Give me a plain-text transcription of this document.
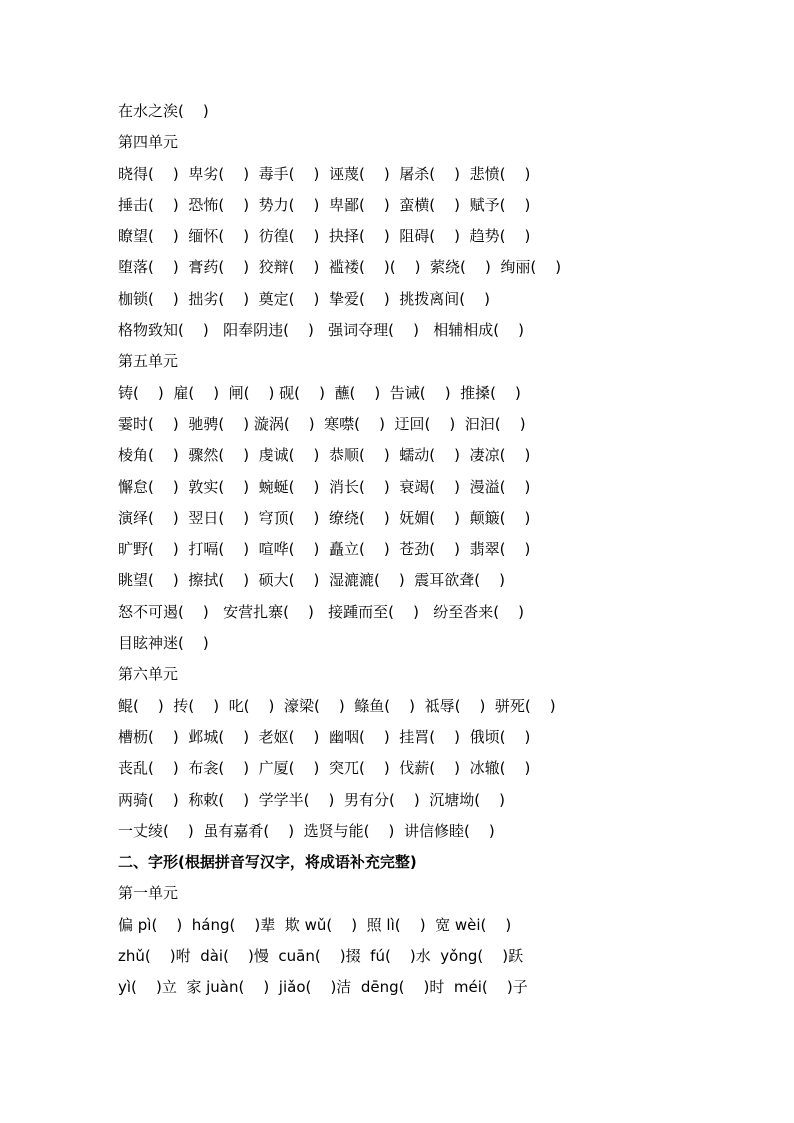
在水之涘(    )
第四单元
晓得(    )  卑劣(    )  毒手(    )  诬蔑(    )  屠杀(    )  悲愤(    )
捶击(    )  恐怖(    )  势力(    )  卑鄙(    )  蛮横(    )  赋予(    )
瞭望(    )  缅怀(    )  彷徨(    )  抉择(    )  阻碍(    )  趋势(    )
堕落(    )  膏药(    )  狡辩(    )  褴褛(    )(    )  萦绕(    )  绚丽(    )
枷锁(    )  拙劣(    )  奠定(    )  挚爱(    )  挑拨离间(    )
格物致知(    )   阳奉阴违(    )   强词夺理(    )   相辅相成(    )
第五单元
铸(    )  雇(    )  闸(    ) 砚(    )  蘸(    )  告诫(    )  推搡(    )
霎时(    )  驰骋(    ) 漩涡(    )  寒噤(    )  迂回(    )  汩汩(    )
棱角(    )  骤然(    )  虔诚(    )  恭顺(    )  蠕动(    )  凄凉(    )
懈怠(    )  敦实(    )  蜿蜒(    )  消长(    )  衰竭(    )  漫溢(    )
演绎(    )  翌日(    )  穹顶(    )  缭绕(    )  妩媚(    )  颠簸(    )
旷野(    )  打嗝(    )  喧哗(    )  矗立(    )  苍劲(    )  翡翠(    )
眺望(    )  擦拭(    )  硕大(    )  湿漉漉(    )  震耳欲聋(    )
怒不可遏(    )   安营扎寨(    )   接踵而至(    )   纷至沓来(    )
目眩神迷(    )
第六单元
鲲(    )  抟(    )  叱(    )  濠梁(    )  鲦鱼(    )  祗辱(    )  骈死(    )
槽枥(    )  邺城(    )  老妪(    )  幽咽(    )  挂罥(    )  俄顷(    )
丧乱(    )  布衾(    )  广厦(    )  突兀(    )  伐薪(    )  冰辙(    )
两骑(    )  称敕(    )  学学半(    )  男有分(    )  沉塘坳(    )
一丈绫(    )  虽有嘉肴(    )  选贤与能(    )  讲信修睦(    )
二、字形(根据拼音写汉字，将成语补充完整)
第一单元
偏 pì(    )  háng(    )辈  欺 wǔ(    )  照 lì(    )  宽 wèi(    )
zhǔ(    )咐  dài(    )慢  cuān(    )掇  fú(    )水  yǒng(    )跃
yì(    )立  家 juàn(    )  jiǎo(    )洁  dēng(    )时  méi(    )子
